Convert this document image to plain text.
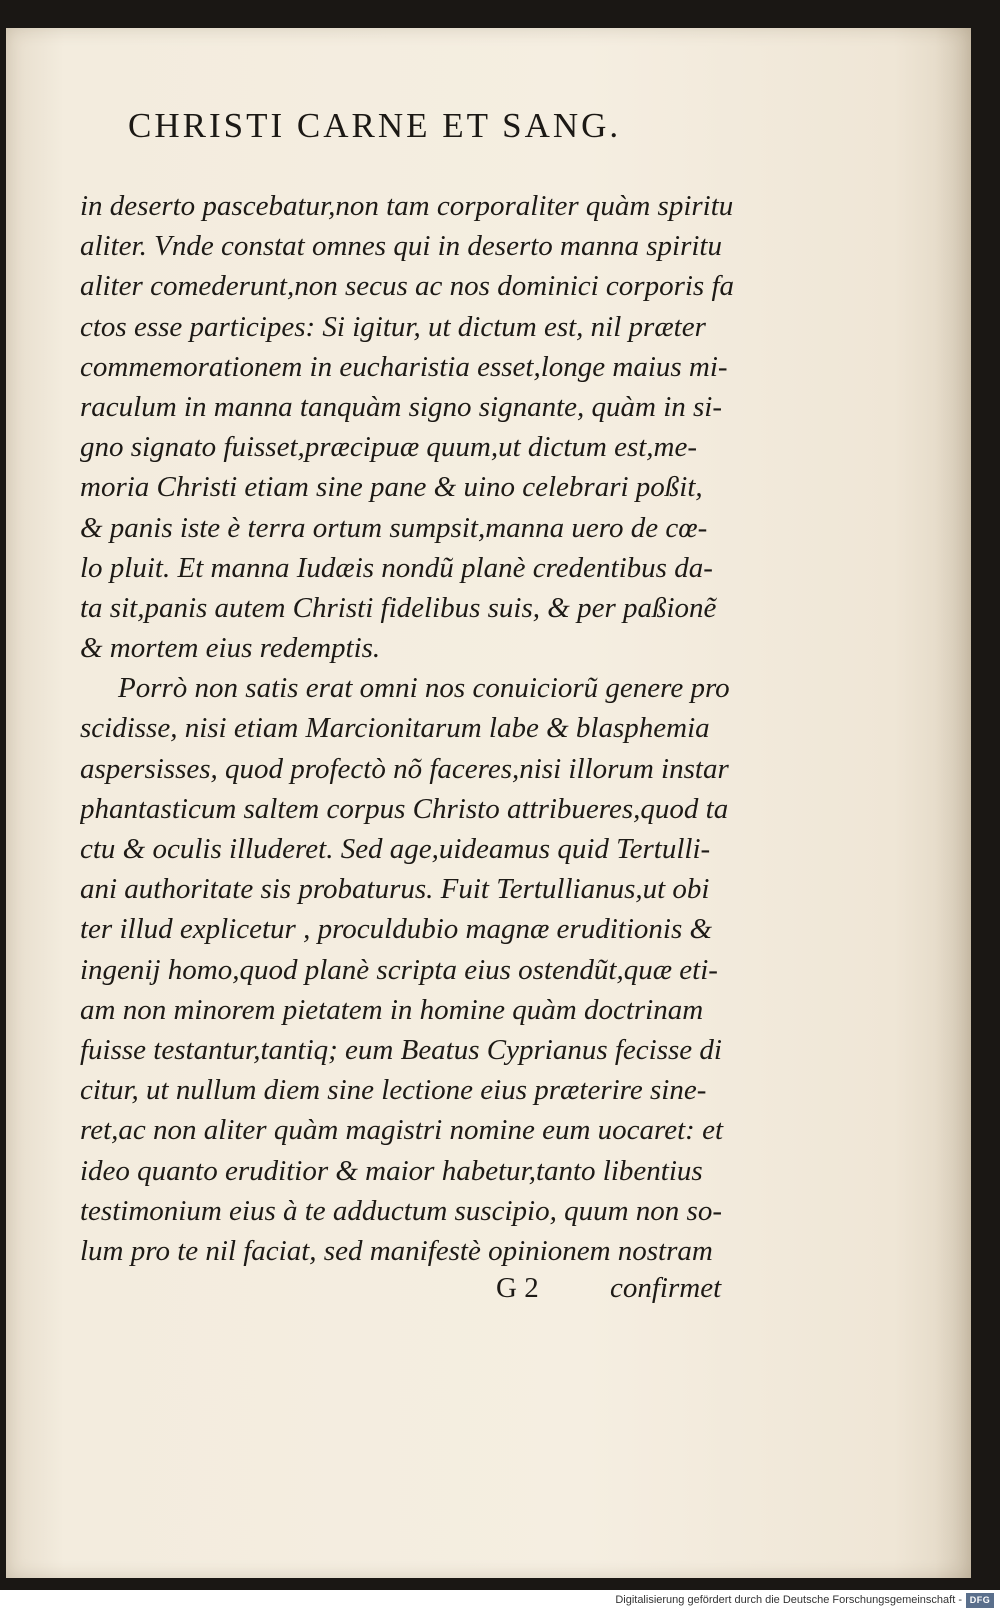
CHRISTI CARNE ET SANG.
in deserto pascebatur,non tam corporaliter quàm spiritu
aliter. Vnde constat omnes qui in deserto manna spiritu
aliter comederunt,non secus ac nos dominici corporis fa
ctos esse participes: Si igitur, ut dictum est, nil præter
commemorationem in eucharistia esset,longe maius mi-
raculum in manna tanquàm signo signante, quàm in si-
gno signato fuisset,præcipuæ quum,ut dictum est,me-
moria Christi etiam sine pane & uino celebrari poßit,
& panis iste è terra ortum sumpsit,manna uero de cœ-
lo pluit. Et manna Iudæis nondũ planè credentibus da-
ta sit,panis autem Christi fidelibus suis, & per paßionẽ
& mortem eius redemptis.
Porrò non satis erat omni nos conuiciorũ genere pro
scidisse, nisi etiam Marcionitarum labe & blasphemia
aspersisses, quod profectò nõ faceres,nisi illorum instar
phantasticum saltem corpus Christo attribueres,quod ta
ctu & oculis illuderet. Sed age,uideamus quid Tertulli-
ani authoritate sis probaturus. Fuit Tertullianus,ut obi
ter illud explicetur , proculdubio magnæ eruditionis &
ingenij homo,quod planè scripta eius ostendũt,quæ eti-
am non minorem pietatem in homine quàm doctrinam
fuisse testantur,tantiq; eum Beatus Cyprianus fecisse di
citur, ut nullum diem sine lectione eius præterire sine-
ret,ac non aliter quàm magistri nomine eum uocaret: et
ideo quanto eruditior & maior habetur,tanto libentius
testimonium eius à te adductum suscipio, quum non so-
lum pro te nil faciat, sed manifestè opinionem nostram
G 2 confirmet
Digitalisierung gefördert durch die Deutsche Forschungsgemeinschaft - DFG
